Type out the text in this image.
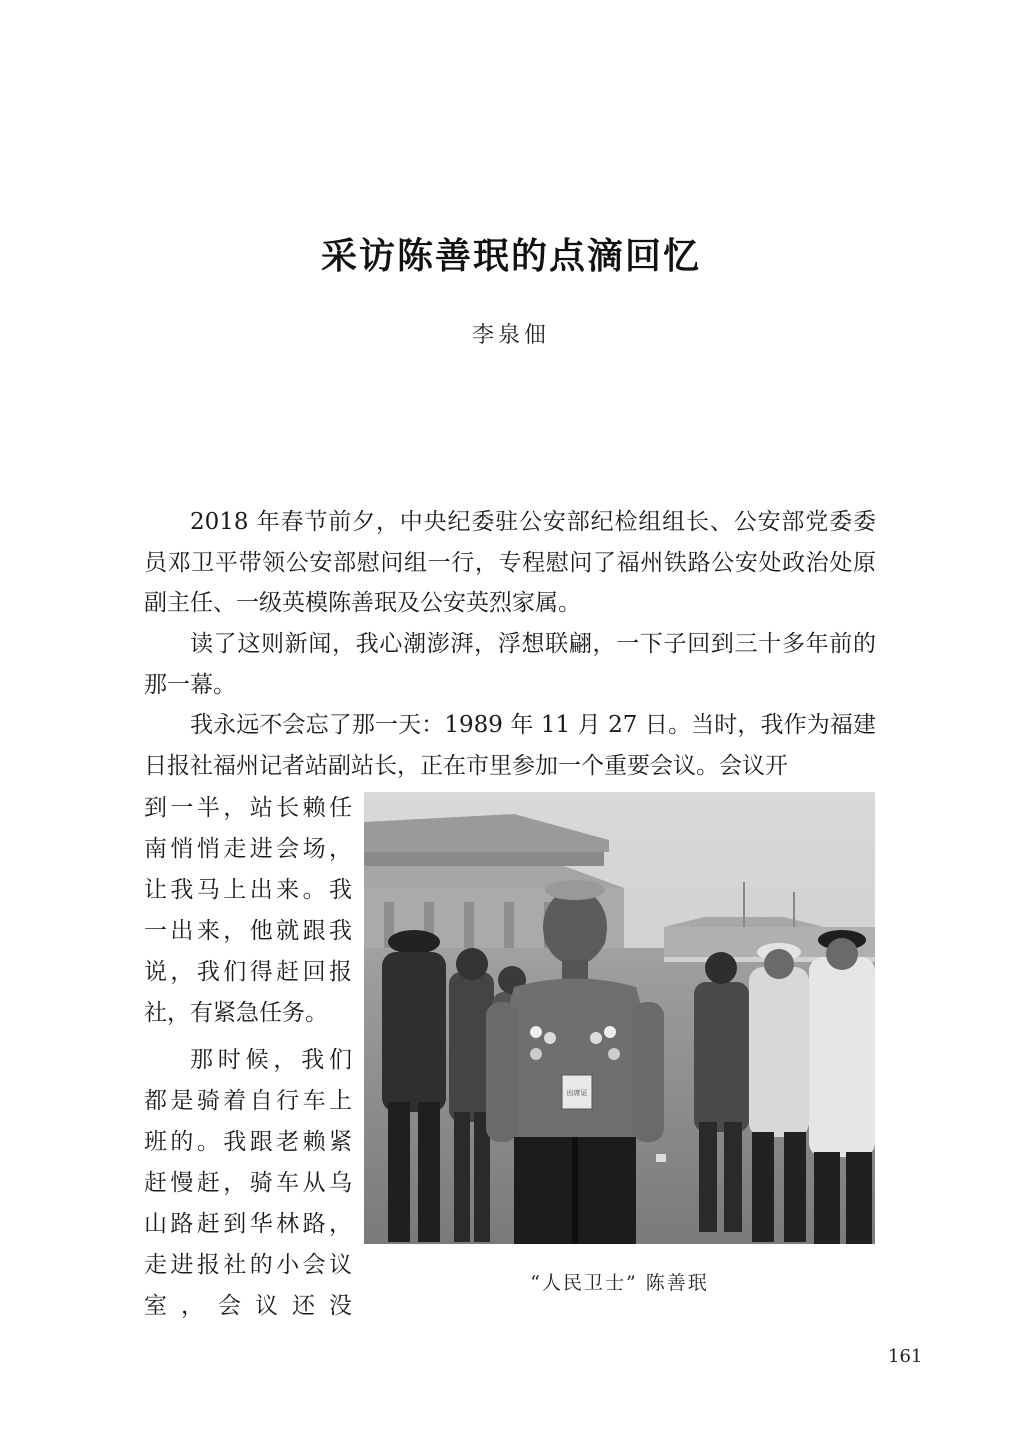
采访陈善珉的点滴回忆
李泉佃

2018 年春节前夕，中央纪委驻公安部纪检组组长、公安部党委委员邓卫平带领公安部慰问组一行，专程慰问了福州铁路公安处政治处原副主任、一级英模陈善珉及公安英烈家属。

读了这则新闻，我心潮澎湃，浮想联翩，一下子回到三十多年前的那一幕。

我永远不会忘了那一天：1989 年 11 月 27 日。当时，我作为福建日报社福州记者站副站长，正在市里参加一个重要会议。会议开

到一半，站长赖任

南悄悄走进会场，

让我马上出来。我

一出来，他就跟我

说，我们得赶回报

社，有紧急任务。

那时候，我们

都是骑着自行车上

班的。我跟老赖紧

赶慢赶，骑车从乌

山路赶到华林路，

走进报社的小会议

室，会议还没

出席证
“人民卫士” 陈善珉
161
